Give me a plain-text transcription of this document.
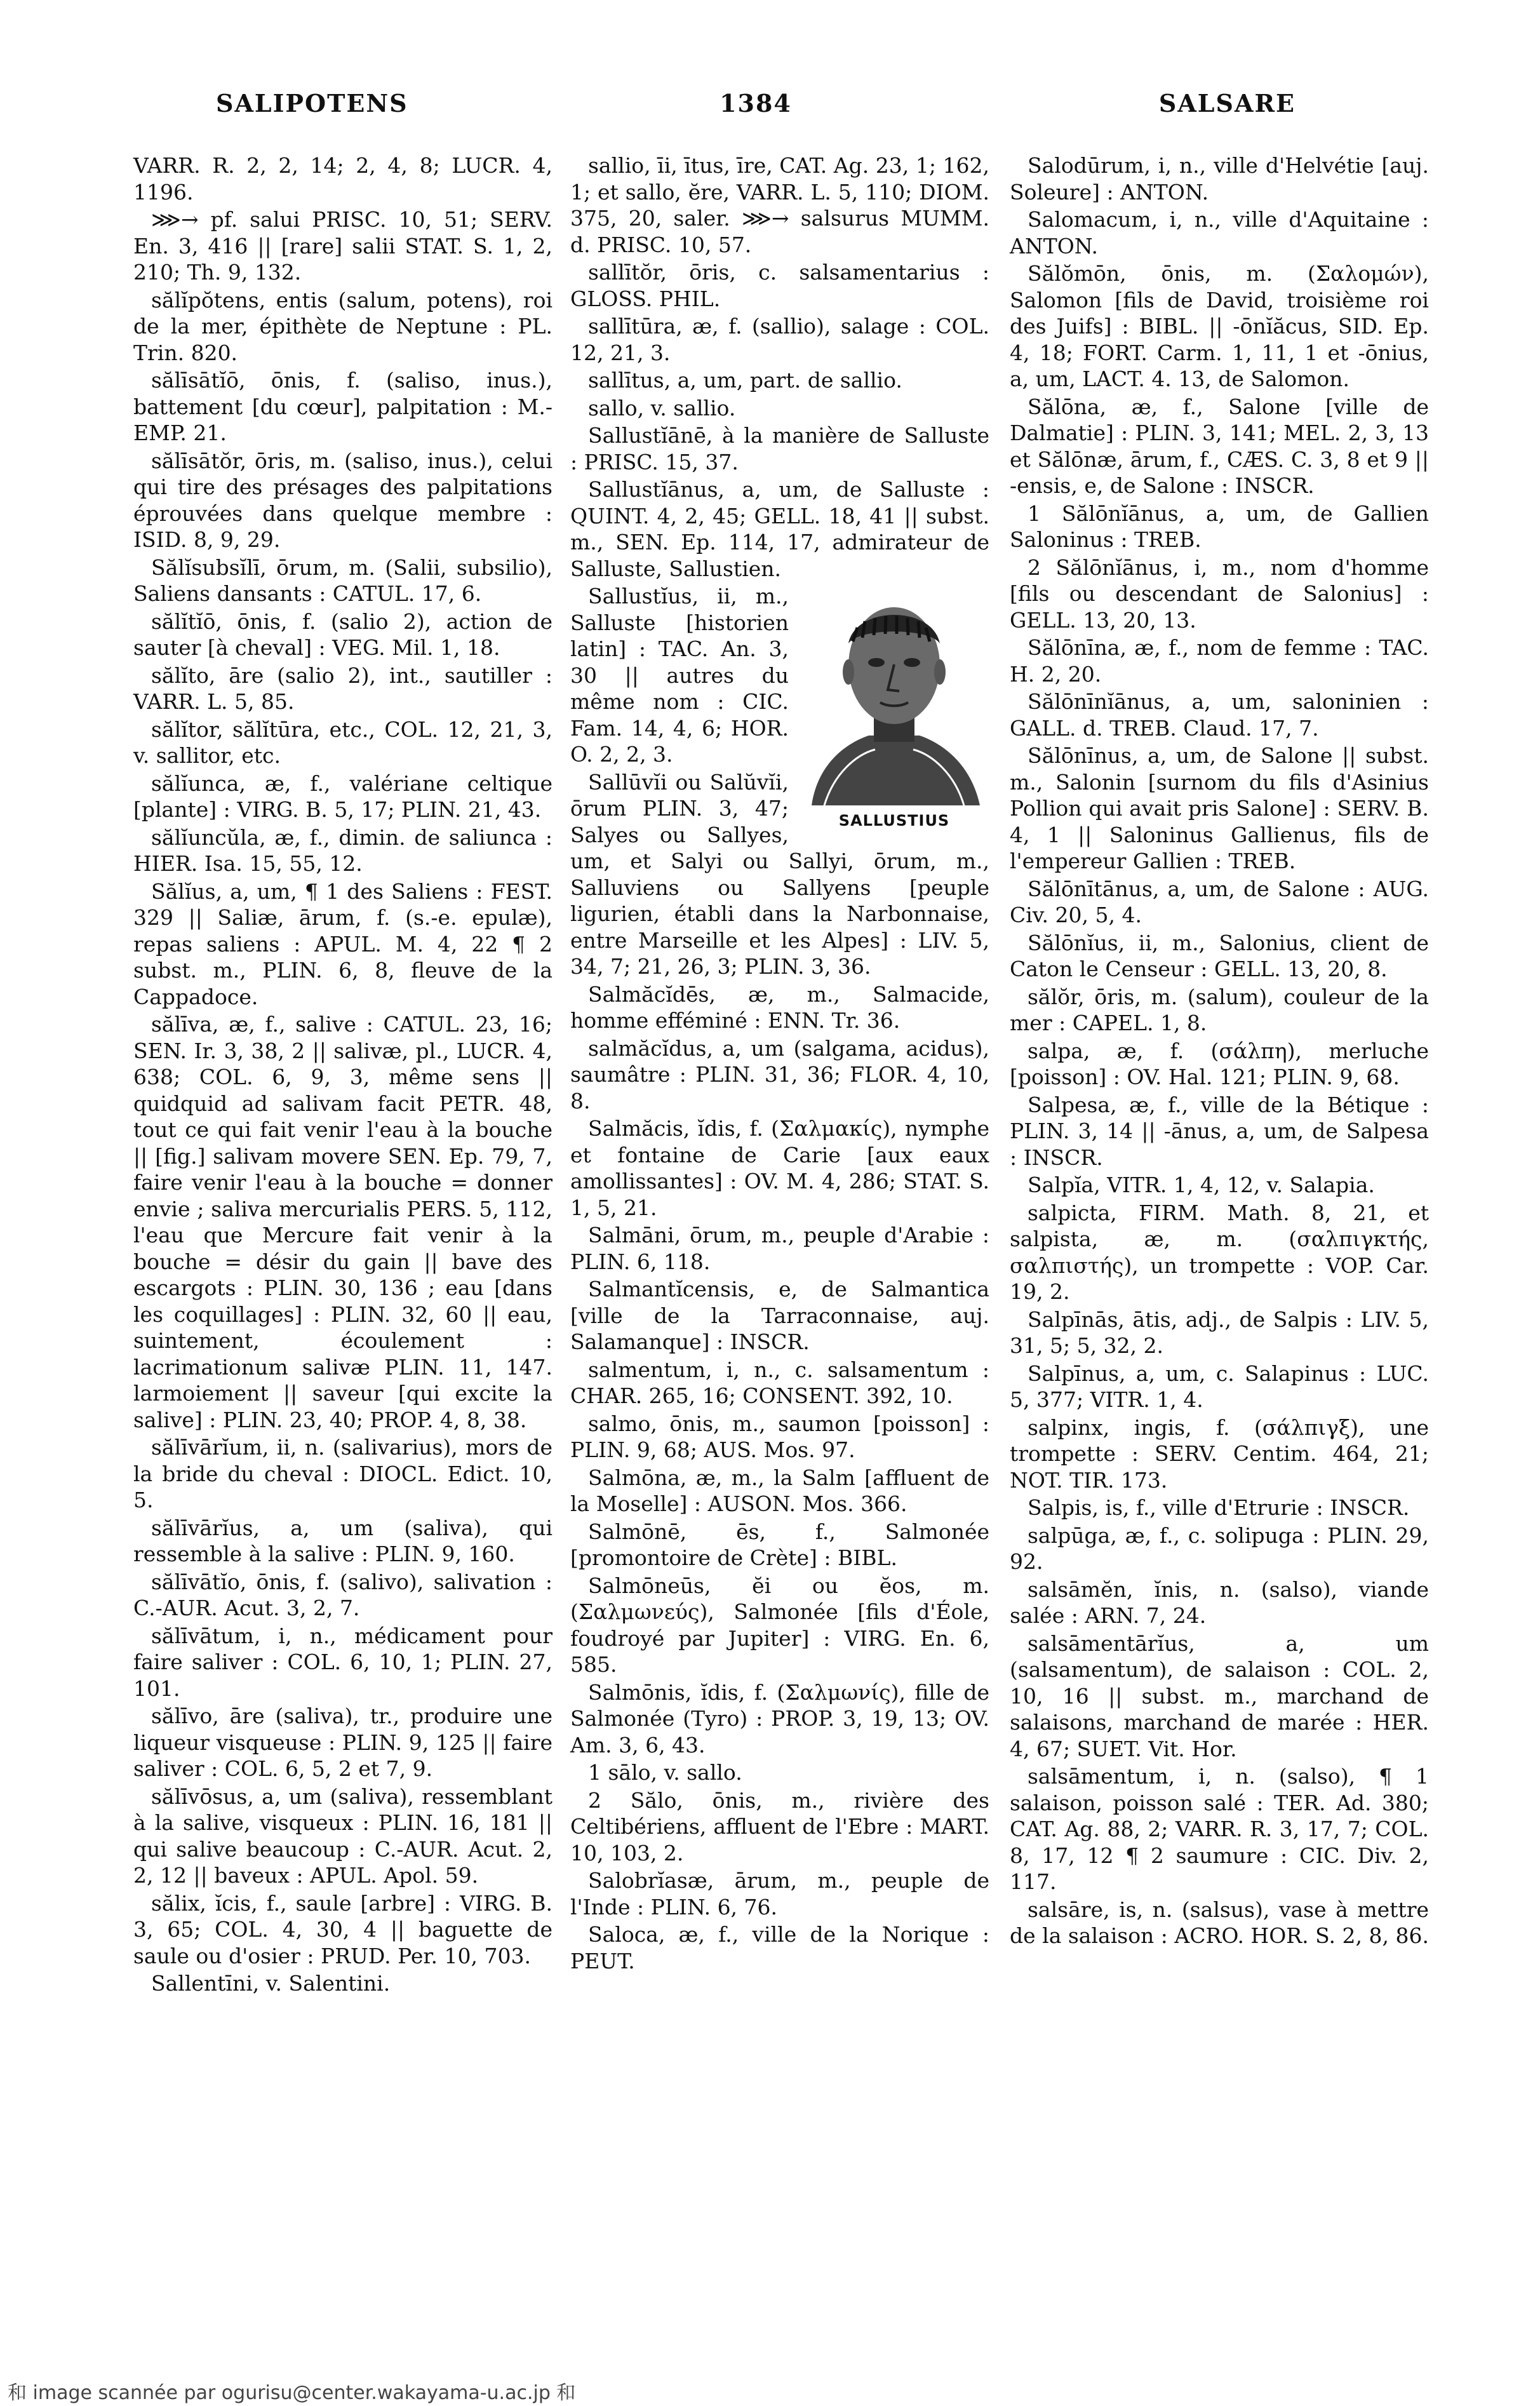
SALIPOTENS	1384	SALSARE

VARR. R. 2, 2, 14; 2, 4, 8; LUCR. 4, 1196.

⋙→ pf. salui PRISC. 10, 51; SERV. En. 3, 416 || [rare] salii STAT. S. 1, 2, 210; Th. 9, 132.

sălĭpŏtens, entis (salum, potens), roi de la mer, épithète de Neptune : PL. Trin. 820.

sălīsātĭō, ōnis, f. (saliso, inus.), battement [du cœur], palpitation : M.-EMP. 21.

sălīsātŏr, ōris, m. (saliso, inus.), celui qui tire des présages des palpitations éprouvées dans quelque membre : ISID. 8, 9, 29.

Sălĭsubsĭlī, ōrum, m. (Salii, subsilio), Saliens dansants : CATUL. 17, 6.

sălĭtĭō, ōnis, f. (salio 2), action de sauter [à cheval] : VEG. Mil. 1, 18.

sălĭto, āre (salio 2), int., sautiller : VARR. L. 5, 85.

sălĭtor, sălĭtūra, etc., COL. 12, 21, 3, v. sallitor, etc.

sălĭunca, æ, f., valériane celtique [plante] : VIRG. B. 5, 17; PLIN. 21, 43.

sălĭuncŭla, æ, f., dimin. de saliunca : HIER. Isa. 15, 55, 12.

Sălĭus, a, um, ¶ 1 des Saliens : FEST. 329 || Saliæ, ārum, f. (s.-e. epulæ), repas saliens : APUL. M. 4, 22 ¶ 2 subst. m., PLIN. 6, 8, fleuve de la Cappadoce.

sălīva, æ, f., salive : CATUL. 23, 16; SEN. Ir. 3, 38, 2 || salivæ, pl., LUCR. 4, 638; COL. 6, 9, 3, même sens || quidquid ad salivam facit PETR. 48, tout ce qui fait venir l'eau à la bouche || [fig.] salivam movere SEN. Ep. 79, 7, faire venir l'eau à la bouche = donner envie ; saliva mercurialis PERS. 5, 112, l'eau que Mercure fait venir à la bouche = désir du gain || bave des escargots : PLIN. 30, 136 ; eau [dans les coquillages] : PLIN. 32, 60 || eau, suintement, écoulement : lacrimationum salivæ PLIN. 11, 147. larmoiement || saveur [qui excite la salive] : PLIN. 23, 40; PROP. 4, 8, 38.

sălīvārĭum, ii, n. (salivarius), mors de la bride du cheval : DIOCL. Edict. 10, 5.

sălīvārĭus, a, um (saliva), qui ressemble à la salive : PLIN. 9, 160.

sălīvātĭo, ōnis, f. (salivo), salivation : C.-AUR. Acut. 3, 2, 7.

sălīvātum, i, n., médicament pour faire saliver : COL. 6, 10, 1; PLIN. 27, 101.

sălīvo, āre (saliva), tr., produire une liqueur visqueuse : PLIN. 9, 125 || faire saliver : COL. 6, 5, 2 et 7, 9.

sălīvōsus, a, um (saliva), ressemblant à la salive, visqueux : PLIN. 16, 181 || qui salive beaucoup : C.-AUR. Acut. 2, 2, 12 || baveux : APUL. Apol. 59.

sălix, ĭcis, f., saule [arbre] : VIRG. B. 3, 65; COL. 4, 30, 4 || baguette de saule ou d'osier : PRUD. Per. 10, 703.

Sallentīni, v. Salentini.

sallio, īi, ītus, īre, CAT. Ag. 23, 1; 162, 1; et sallo, ĕre, VARR. L. 5, 110; DIOM. 375, 20, saler. ⋙→ salsurus MUMM. d. PRISC. 10, 57.

sallītŏr, ōris, c. salsamentarius : GLOSS. PHIL.

sallītūra, æ, f. (sallio), salage : COL. 12, 21, 3.

sallītus, a, um, part. de sallio.

sallo, v. sallio.

Sallustĭānē, à la manière de Salluste : PRISC. 15, 37.

Sallustĭānus, a, um, de Salluste : QUINT. 4, 2, 45; GELL. 18, 41 || subst. m., SEN. Ep. 114, 17, admirateur de Salluste, Sallustien.

SALLUSTIUS

Sallustĭus, ii, m., Salluste [historien latin] : TAC. An. 3, 30 || autres du même nom : CIC. Fam. 14, 4, 6; HOR. O. 2, 2, 3.

Sallūvĭi ou Salŭvĭi, ōrum PLIN. 3, 47; Salyes ou Sallyes, um, et Salyi ou Sallyi, ōrum, m., Salluviens ou Sallyens [peuple ligurien, établi dans la Narbonnaise, entre Marseille et les Alpes] : LIV. 5, 34, 7; 21, 26, 3; PLIN. 3, 36.

Salmăcĭdēs, æ, m., Salmacide, homme efféminé : ENN. Tr. 36.

salmăcĭdus, a, um (salgama, acidus), saumâtre : PLIN. 31, 36; FLOR. 4, 10, 8.

Salmăcis, ĭdis, f. (Σαλμακίς), nymphe et fontaine de Carie [aux eaux amollissantes] : OV. M. 4, 286; STAT. S. 1, 5, 21.

Salmāni, ōrum, m., peuple d'Arabie : PLIN. 6, 118.

Salmantĭcensis, e, de Salmantica [ville de la Tarraconnaise, auj. Salamanque] : INSCR.

salmentum, i, n., c. salsamentum : CHAR. 265, 16; CONSENT. 392, 10.

salmo, ōnis, m., saumon [poisson] : PLIN. 9, 68; AUS. Mos. 97.

Salmōna, æ, m., la Salm [affluent de la Moselle] : AUSON. Mos. 366.

Salmōnē, ēs, f., Salmonée [promontoire de Crète] : BIBL.

Salmōneūs, ĕi ou ĕos, m. (Σαλμωνεύς), Salmonée [fils d'Éole, foudroyé par Jupiter] : VIRG. En. 6, 585.

Salmōnis, ĭdis, f. (Σαλμωνίς), fille de Salmonée (Tyro) : PROP. 3, 19, 13; OV. Am. 3, 6, 43.

1 sālo, v. sallo.

2 Sălo, ōnis, m., rivière des Celtibériens, affluent de l'Ebre : MART. 10, 103, 2.

Salobrĭasæ, ārum, m., peuple de l'Inde : PLIN. 6, 76.

Saloca, æ, f., ville de la Norique : PEUT.

Salodūrum, i, n., ville d'Helvétie [auj. Soleure] : ANTON.

Salomacum, i, n., ville d'Aquitaine : ANTON.

Sălŏmōn, ōnis, m. (Σαλομών), Salomon [fils de David, troisième roi des Juifs] : BIBL. || -ōnĭăcus, SID. Ep. 4, 18; FORT. Carm. 1, 11, 1 et -ōnius, a, um, LACT. 4. 13, de Salomon.

Sălōna, æ, f., Salone [ville de Dalmatie] : PLIN. 3, 141; MEL. 2, 3, 13 et Sălōnæ, ārum, f., CÆS. C. 3, 8 et 9 || -ensis, e, de Salone : INSCR.

1 Sălōnĭānus, a, um, de Gallien Saloninus : TREB.

2 Sălōnĭānus, i, m., nom d'homme [fils ou descendant de Salonius] : GELL. 13, 20, 13.

Sălōnīna, æ, f., nom de femme : TAC. H. 2, 20.

Sălōnīnĭānus, a, um, saloninien : GALL. d. TREB. Claud. 17, 7.

Sălōnīnus, a, um, de Salone || subst. m., Salonin [surnom du fils d'Asinius Pollion qui avait pris Salone] : SERV. B. 4, 1 || Saloninus Gallienus, fils de l'empereur Gallien : TREB.

Sălōnītānus, a, um, de Salone : AUG. Civ. 20, 5, 4.

Sălōnĭus, ii, m., Salonius, client de Caton le Censeur : GELL. 13, 20, 8.

sălŏr, ōris, m. (salum), couleur de la mer : CAPEL. 1, 8.

salpa, æ, f. (σάλπη), merluche [poisson] : OV. Hal. 121; PLIN. 9, 68.

Salpesa, æ, f., ville de la Bétique : PLIN. 3, 14 || -ānus, a, um, de Salpesa : INSCR.

Salpĭa, VITR. 1, 4, 12, v. Salapia.

salpicta, FIRM. Math. 8, 21, et salpista, æ, m. (σαλπιγκτής, σαλπιστής), un trompette : VOP. Car. 19, 2.

Salpīnās, ātis, adj., de Salpis : LIV. 5, 31, 5; 5, 32, 2.

Salpīnus, a, um, c. Salapinus : LUC. 5, 377; VITR. 1, 4.

salpinx, ingis, f. (σάλπιγξ), une trompette : SERV. Centim. 464, 21; NOT. TIR. 173.

Salpis, is, f., ville d'Etrurie : INSCR.

salpūga, æ, f., c. solipuga : PLIN. 29, 92.

salsāmĕn, ĭnis, n. (salso), viande salée : ARN. 7, 24.

salsāmentārĭus, a, um (salsamentum), de salaison : COL. 2, 10, 16 || subst. m., marchand de salaisons, marchand de marée : HER. 4, 67; SUET. Vit. Hor.

salsāmentum, i, n. (salso), ¶ 1 salaison, poisson salé : TER. Ad. 380; CAT. Ag. 88, 2; VARR. R. 3, 17, 7; COL. 8, 17, 12 ¶ 2 saumure : CIC. Div. 2, 117.

salsāre, is, n. (salsus), vase à mettre de la salaison : ACRO. HOR. S. 2, 8, 86.

和 image scannée par ogurisu@center.wakayama-u.ac.jp 和
